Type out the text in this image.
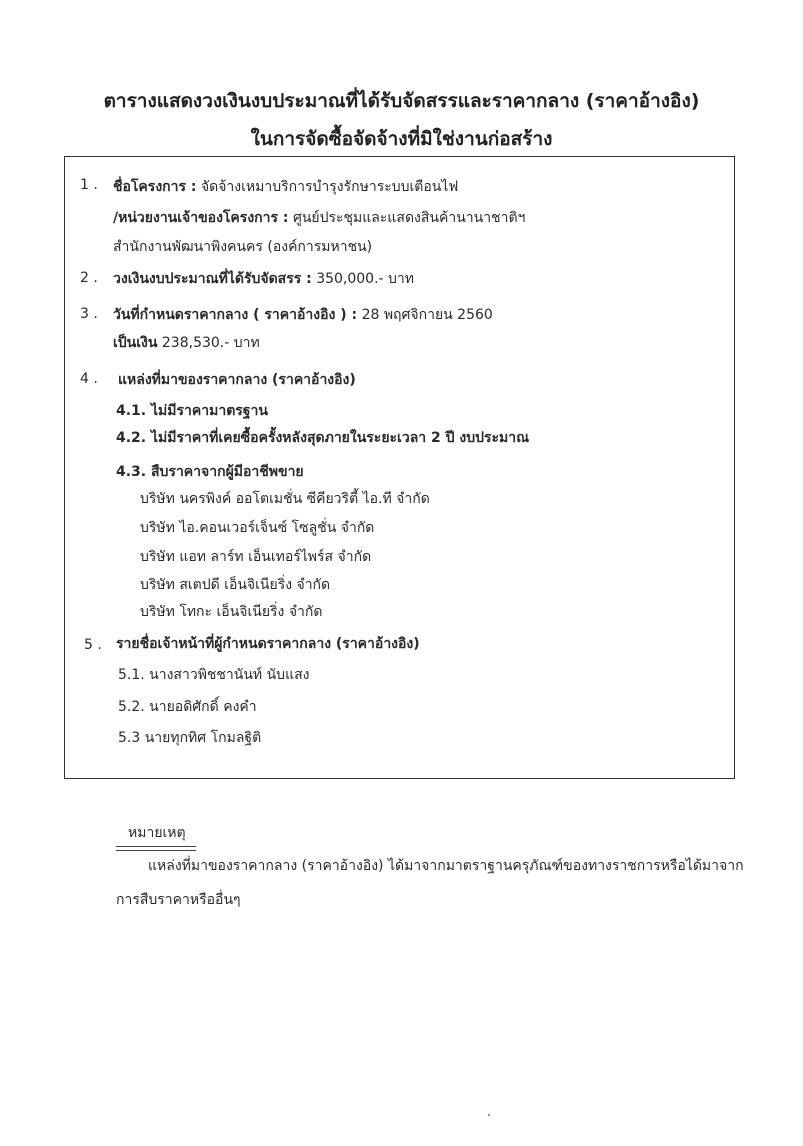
ตารางแสดงวงเงินงบประมาณที่ได้รับจัดสรรและราคากลาง (ราคาอ้างอิง)
ในการจัดซื้อจัดจ้างที่มิใช่งานก่อสร้าง
1 . ชื่อโครงการ : จัดจ้างเหมาบริการบำรุงรักษาระบบเตือนไฟ
/หน่วยงานเจ้าของโครงการ : ศูนย์ประชุมและแสดงสินค้านานาชาติฯ
สำนักงานพัฒนาพิงคนคร (องค์การมหาชน)
2 . วงเงินงบประมาณที่ได้รับจัดสรร : 350,000.- บาท
3 . วันที่กำหนดราคากลาง ( ราคาอ้างอิง ) : 28 พฤศจิกายน 2560
เป็นเงิน 238,530.- บาท
4 . แหล่งที่มาของราคากลาง (ราคาอ้างอิง)
4.1. ไม่มีราคามาตรฐาน
4.2. ไม่มีราคาที่เคยซื้อครั้งหลังสุดภายในระยะเวลา 2 ปี งบประมาณ
4.3. สืบราคาจากผู้มีอาชีพขาย
บริษัท นครพิงค์ ออโตเมชั่น ซีคียวริตี้ ไอ.ที จำกัด
บริษัท ไอ.คอนเวอร์เจ็นซ์ โซลูชั่น จำกัด
บริษัท แอท ลาร์ท เอ็นเทอร์ไพร์ส จำกัด
บริษัท สเตปดี เอ็นจิเนียริ่ง จำกัด
บริษัท โทกะ เอ็นจิเนียริ่ง จำกัด
5 . รายชื่อเจ้าหน้าที่ผู้กำหนดราคากลาง (ราคาอ้างอิง)
5.1. นางสาวพิชชานันท์ นับแสง
5.2. นายอดิศักดิ์ คงคำ
5.3 นายทุกทิศ โกมลฐิติ
หมายเหตุ
แหล่งที่มาของราคากลาง (ราคาอ้างอิง) ได้มาจากมาตราฐานครุภัณฑ์ของทางราชการหรือได้มาจาก
การสืบราคาหรืออื่นๆ
